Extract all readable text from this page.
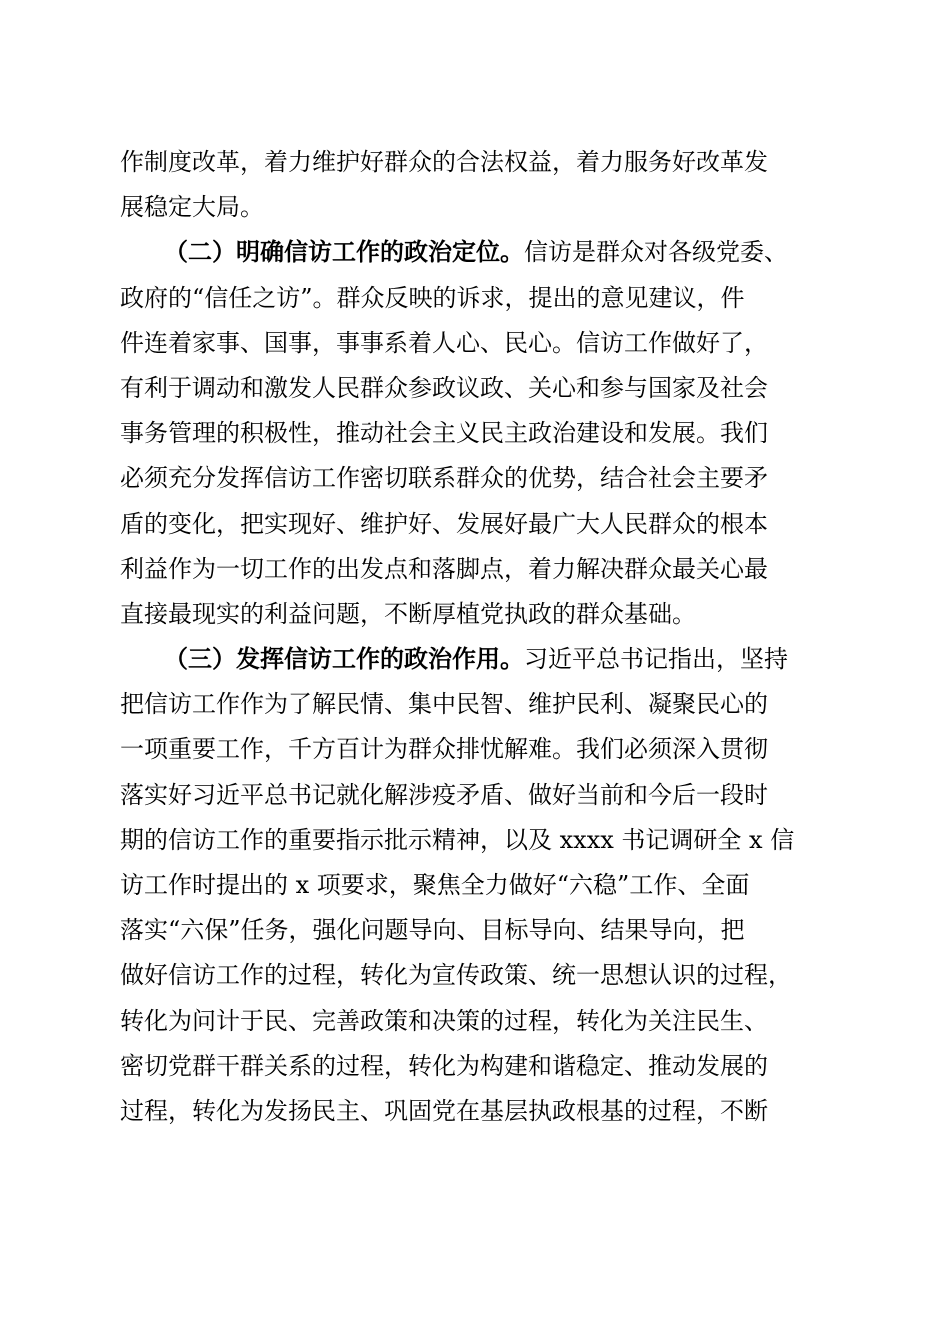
作制度改革，着力维护好群众的合法权益，着力服务好改革发
展稳定大局。
（二）明确信访工作的政治定位。信访是群众对各级党委、
政府的“信任之访”。群众反映的诉求，提出的意见建议，件
件连着家事、国事，事事系着人心、民心。信访工作做好了，
有利于调动和激发人民群众参政议政、关心和参与国家及社会
事务管理的积极性，推动社会主义民主政治建设和发展。我们
必须充分发挥信访工作密切联系群众的优势，结合社会主要矛
盾的变化，把实现好、维护好、发展好最广大人民群众的根本
利益作为一切工作的出发点和落脚点，着力解决群众最关心最
直接最现实的利益问题，不断厚植党执政的群众基础。
（三）发挥信访工作的政治作用。习近平总书记指出，坚持
把信访工作作为了解民情、集中民智、维护民利、凝聚民心的
一项重要工作，千方百计为群众排忧解难。我们必须深入贯彻
落实好习近平总书记就化解涉疫矛盾、做好当前和今后一段时
期的信访工作的重要指示批示精神，以及 xxxx 书记调研全 x 信
访工作时提出的 x 项要求，聚焦全力做好“六稳”工作、全面
落实“六保”任务，强化问题导向、目标导向、结果导向，把
做好信访工作的过程，转化为宣传政策、统一思想认识的过程，
转化为问计于民、完善政策和决策的过程，转化为关注民生、
密切党群干群关系的过程，转化为构建和谐稳定、推动发展的
过程，转化为发扬民主、巩固党在基层执政根基的过程，不断
